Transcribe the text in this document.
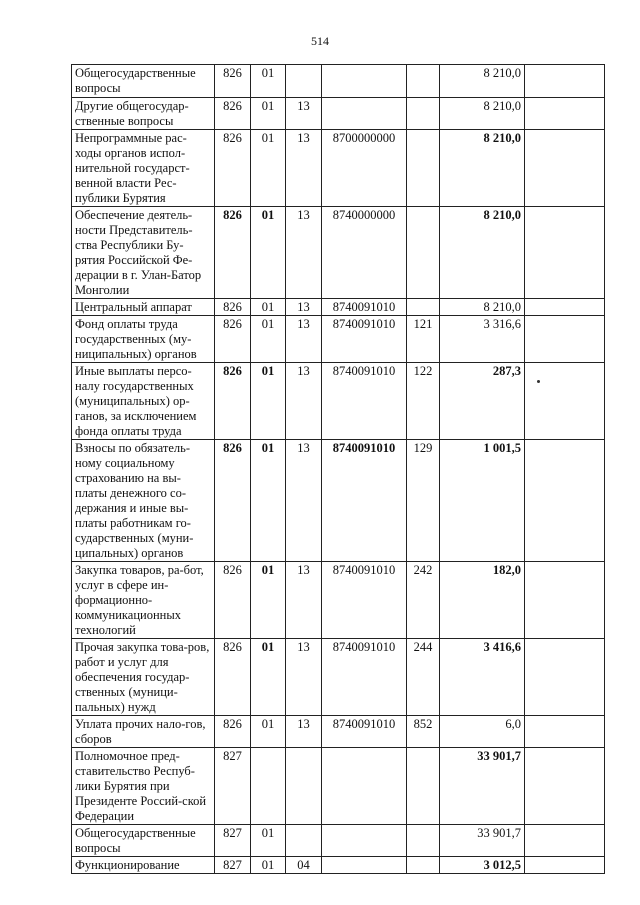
514
Общегосударственные вопросы	826	01				8 210,0	
Другие общегосудар-ственные вопросы	826	01	13			8 210,0	
Непрограммные рас-ходы органов испол-нительной государст-венной власти Рес-публики Бурятия	826	01	13	8700000000		8 210,0	
Обеспечение деятель-ности Представитель-ства Республики Бу-рятия Российской Фе-дерации в г. Улан-Батор Монголии	826	01	13	8740000000		8 210,0	
Центральный аппарат	826	01	13	8740091010		8 210,0	
Фонд оплаты труда государственных (му-ниципальных) органов	826	01	13	8740091010	121	3 316,6	
Иные выплаты персо-налу государственных (муниципальных) ор-ганов, за исключением фонда оплаты труда	826	01	13	8740091010	122	287,3	
Взносы по обязатель-ному социальному страхованию на вы-платы денежного со-держания и иные вы-платы работникам го-сударственных (муни-ципальных) органов	826	01	13	8740091010	129	1 001,5	
Закупка товаров, ра-бот, услуг в сфере ин-формационно-коммуникационных технологий	826	01	13	8740091010	242	182,0	
Прочая закупка това-ров, работ и услуг для обеспечения государ-ственных (муници-пальных) нужд	826	01	13	8740091010	244	3 416,6	
Уплата прочих нало-гов, сборов	826	01	13	8740091010	852	6,0	
Полномочное пред-ставительство Респуб-лики Бурятия при Президенте Россий-ской Федерации	827					33 901,7	
Общегосударственные вопросы	827	01				33 901,7	
Функционирование	827	01	04			3 012,5	
